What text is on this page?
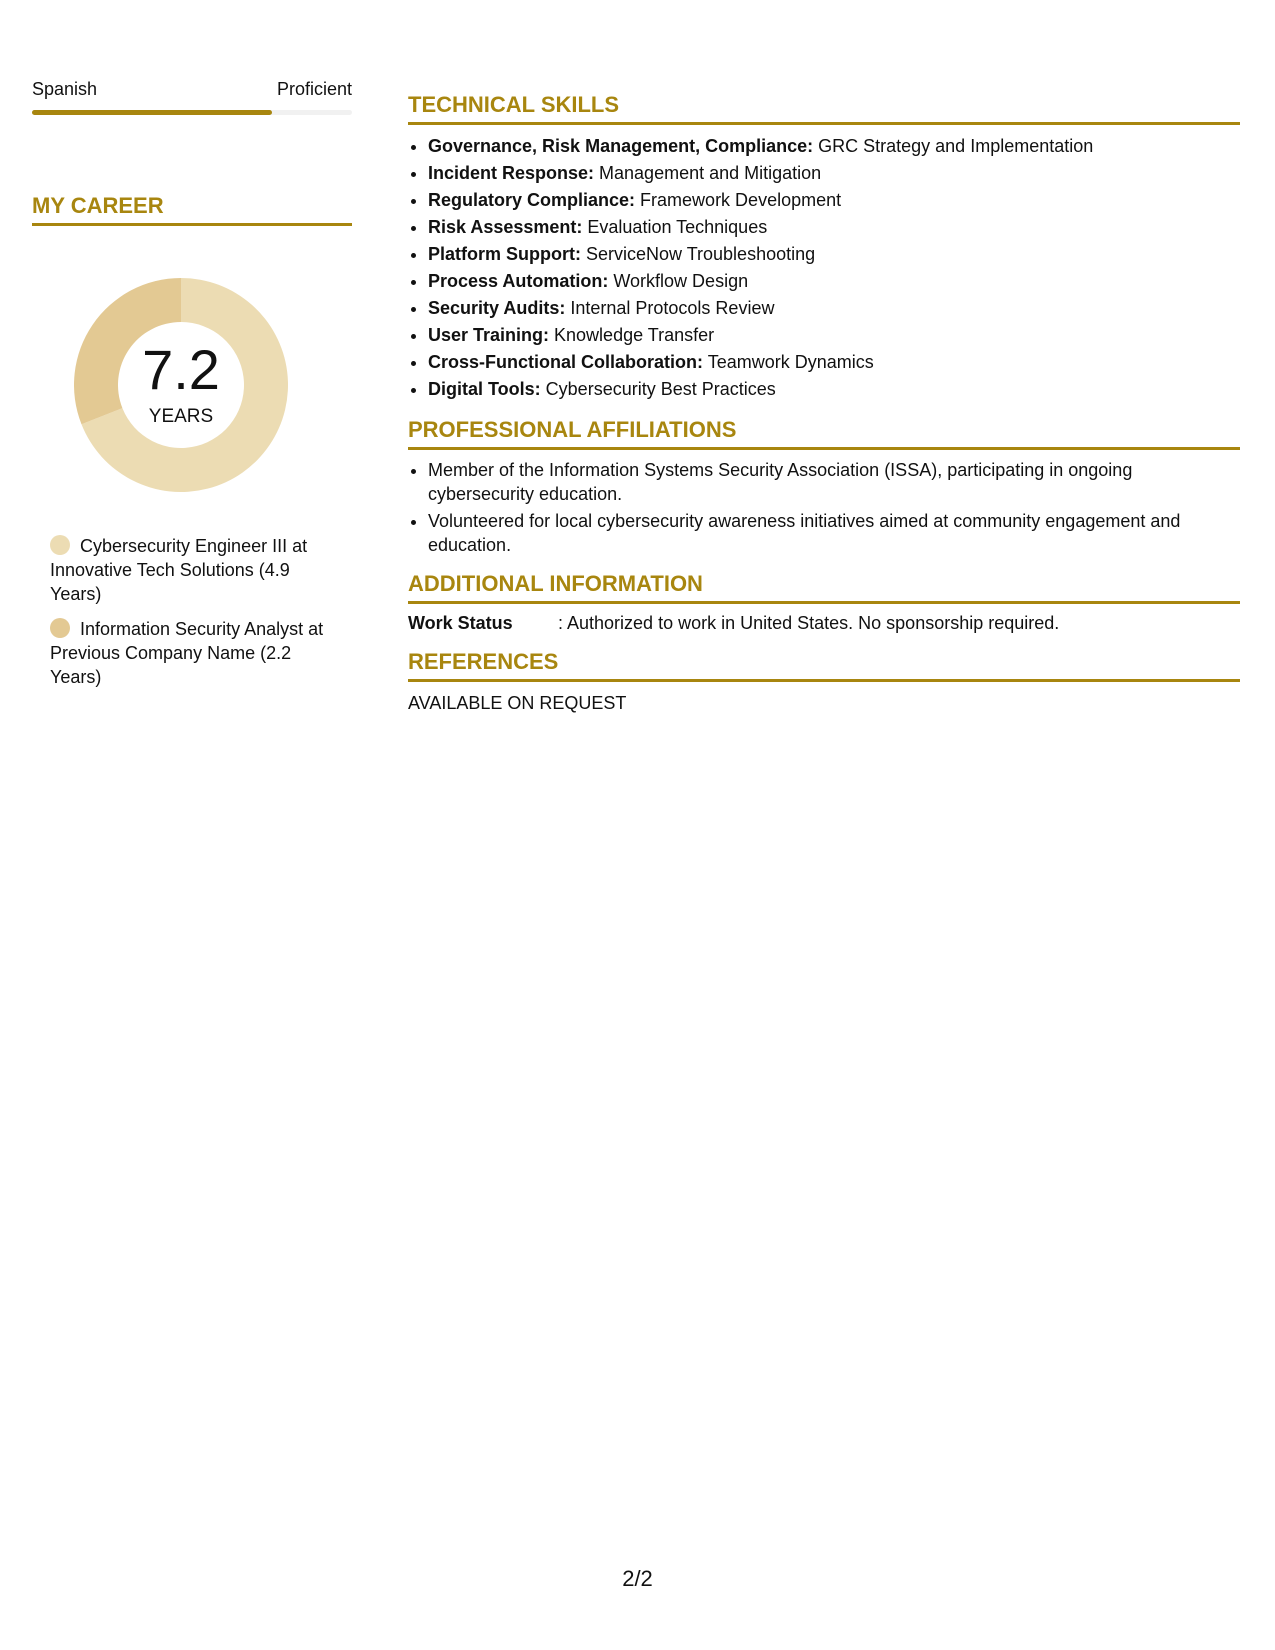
Spanish	Proficient
MY CAREER
7.2
YEARS
Cybersecurity Engineer III at Innovative Tech Solutions (4.9 Years)
Information Security Analyst at Previous Company Name (2.2 Years)
TECHNICAL SKILLS
• Governance, Risk Management, Compliance: GRC Strategy and Implementation
• Incident Response: Management and Mitigation
• Regulatory Compliance: Framework Development
• Risk Assessment: Evaluation Techniques
• Platform Support: ServiceNow Troubleshooting
• Process Automation: Workflow Design
• Security Audits: Internal Protocols Review
• User Training: Knowledge Transfer
• Cross-Functional Collaboration: Teamwork Dynamics
• Digital Tools: Cybersecurity Best Practices
PROFESSIONAL AFFILIATIONS
• Member of the Information Systems Security Association (ISSA), participating in ongoing cybersecurity education.
• Volunteered for local cybersecurity awareness initiatives aimed at community engagement and education.
ADDITIONAL INFORMATION
Work Status	: Authorized to work in United States. No sponsorship required.
REFERENCES
AVAILABLE ON REQUEST
2/2
